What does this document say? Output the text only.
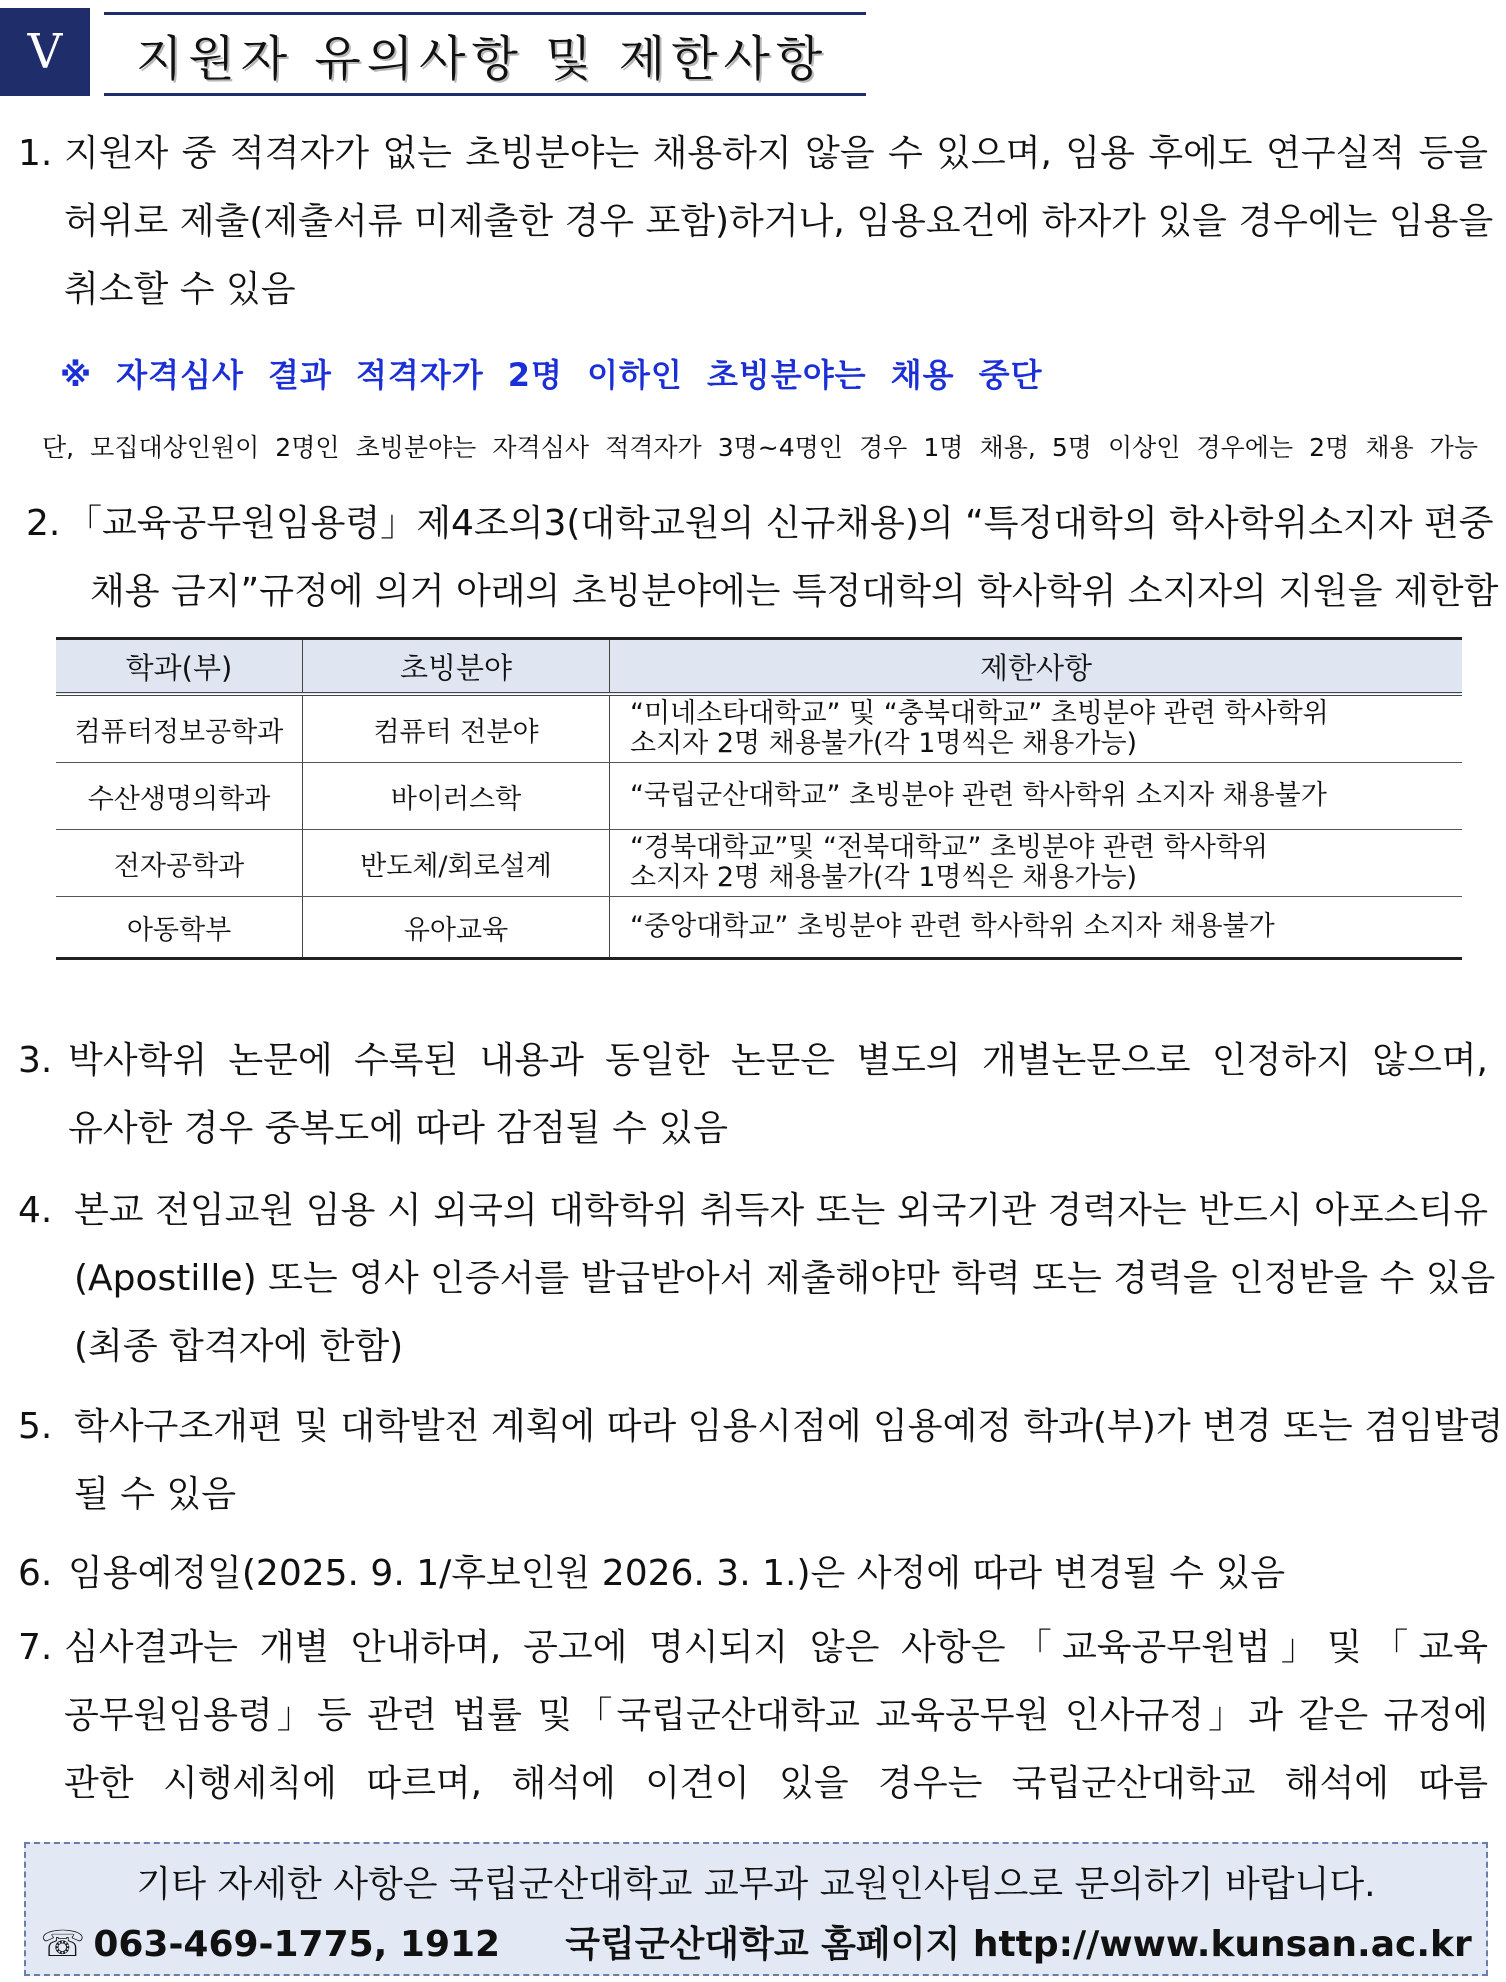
V 지원자 유의사항 및 제한사항
1. 지원자 중 적격자가 없는 초빙분야는 채용하지 않을 수 있으며, 임용 후에도 연구실적 등을
허위로 제출(제출서류 미제출한 경우 포함)하거나, 임용요건에 하자가 있을 경우에는 임용을
취소할 수 있음
※ 자격심사 결과 적격자가 2명 이하인 초빙분야는 채용 중단
단, 모집대상인원이 2명인 초빙분야는 자격심사 적격자가 3명~4명인 경우 1명 채용, 5명 이상인 경우에는 2명 채용 가능
2. 「교육공무원임용령」제4조의3(대학교원의 신규채용)의 “특정대학의 학사학위소지자 편중
채용 금지”규정에 의거 아래의 초빙분야에는 특정대학의 학사학위 소지자의 지원을 제한함
학과(부)	초빙분야	제한사항
컴퓨터정보공학과	컴퓨터 전분야	“미네소타대학교” 및 “충북대학교” 초빙분야 관련 학사학위
소지자 2명 채용불가(각 1명씩은 채용가능)

수산생명의학과	바이러스학	“국립군산대학교” 초빙분야 관련 학사학위 소지자 채용불가

전자공학과	반도체/회로설계	“경북대학교”및 “전북대학교” 초빙분야 관련 학사학위
소지자 2명 채용불가(각 1명씩은 채용가능)

아동학부	유아교육	“중앙대학교” 초빙분야 관련 학사학위 소지자 채용불가
3. 박사학위 논문에 수록된 내용과 동일한 논문은 별도의 개별논문으로 인정하지 않으며,
유사한 경우 중복도에 따라 감점될 수 있음
4. 본교 전임교원 임용 시 외국의 대학학위 취득자 또는 외국기관 경력자는 반드시 아포스티유
(Apostille) 또는 영사 인증서를 발급받아서 제출해야만 학력 또는 경력을 인정받을 수 있음
(최종 합격자에 한함)
5. 학사구조개편 및 대학발전 계획에 따라 임용시점에 임용예정 학과(부)가 변경 또는 겸임발령
될 수 있음
6. 임용예정일(2025. 9. 1/후보인원 2026. 3. 1.)은 사정에 따라 변경될 수 있음
7. 심사결과는 개별 안내하며, 공고에 명시되지 않은 사항은「교육공무원법」및「교육
공무원임용령」등 관련 법률 및「국립군산대학교 교육공무원 인사규정」과 같은 규정에
관한 시행세칙에 따르며, 해석에 이견이 있을 경우는 국립군산대학교 해석에 따름
기타 자세한 사항은 국립군산대학교 교무과 교원인사팀으로 문의하기 바랍니다.
☏ 063-469-1775, 1912 국립군산대학교 홈페이지 http://www.kunsan.ac.kr
